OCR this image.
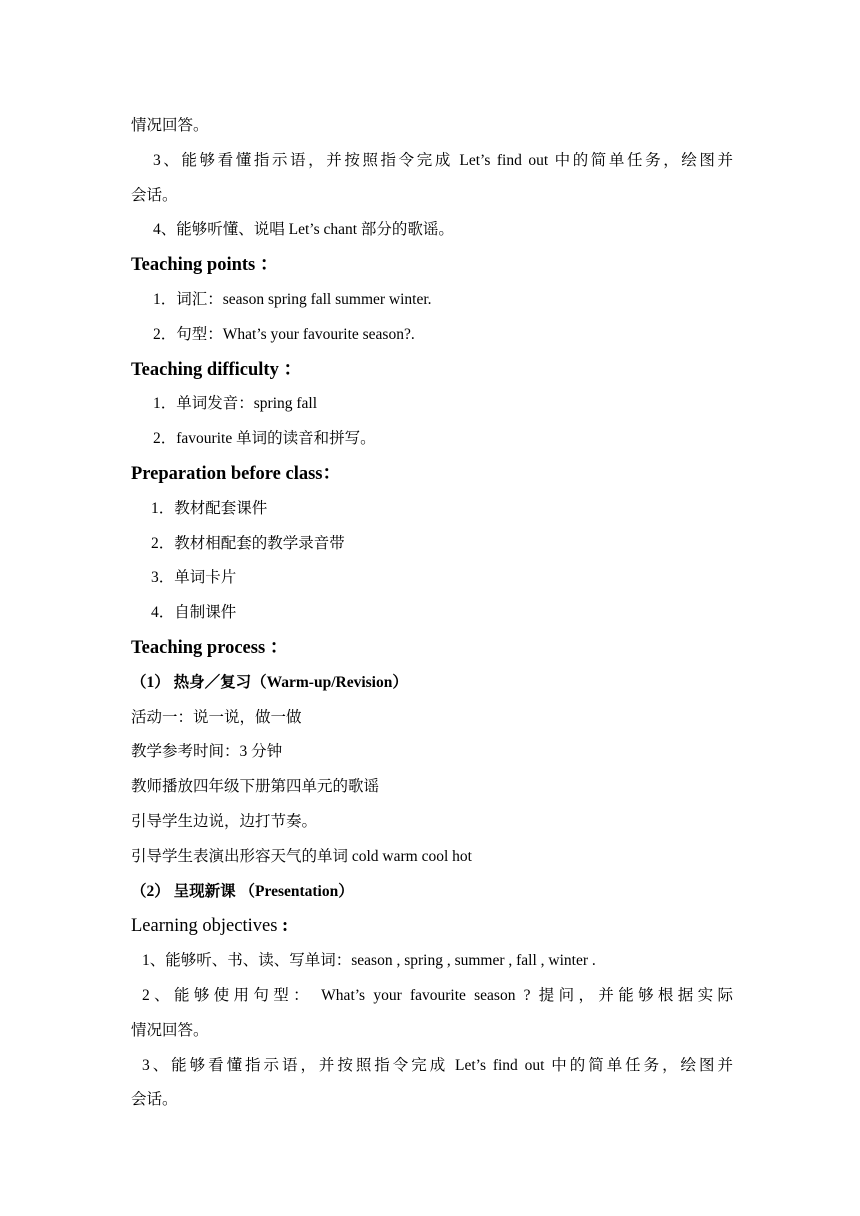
情况回答。
3、能够看懂指示语，并按照指令完成 Let’s find out 中的简单任务，绘图并
会话。
4、能够听懂、说唱 Let’s chant 部分的歌谣。
Teaching points ：
1．词汇：season spring fall summer winter.
2．句型：What’s your favourite season?.
Teaching difficulty ：
1．单词发音：spring fall
2．favourite 单词的读音和拼写。
Preparation before class：
1．教材配套课件
2．教材相配套的教学录音带
3．单词卡片
4．自制课件
Teaching process ：
（1） 热身／复习（Warm-up/Revision）
活动一：说一说，做一做
教学参考时间：3 分钟
教师播放四年级下册第四单元的歌谣
引导学生边说，边打节奏。
引导学生表演出形容天气的单词 cold warm cool hot
（2） 呈现新课 （Presentation）
Learning objectives :
1、能够听、书、读、写单词：season , spring , summer , fall , winter .
2、能够使用句型： What’s your favourite season ? 提问，并能够根据实际
情况回答。
3、能够看懂指示语，并按照指令完成 Let’s find out 中的简单任务，绘图并
会话。
